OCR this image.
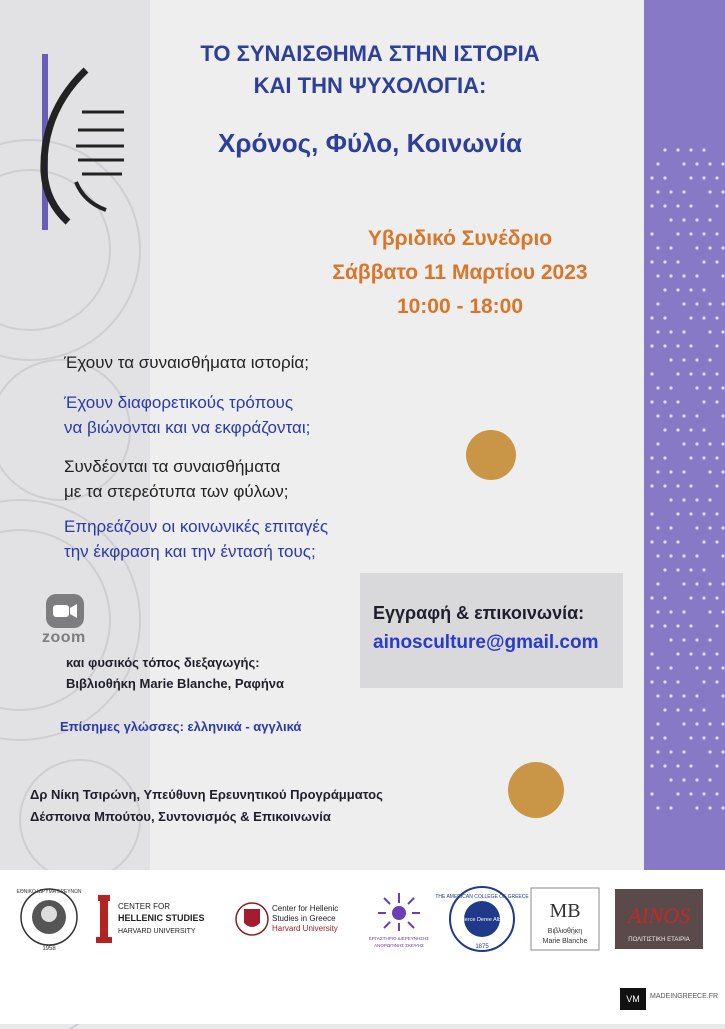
ΤΟ ΣΥΝΑΙΣΘΗΜΑ ΣΤΗΝ ΙΣΤΟΡΙΑ
ΚΑΙ ΤΗΝ ΨΥΧΟΛΟΓΙΑ:
Χρόνος, Φύλο, Κοινωνία
Υβριδικό Συνέδριο
Σάββατο 11 Μαρτίου 2023
10:00 - 18:00
Έχουν τα συναισθήματα ιστορία;
Έχουν διαφορετικούς τρόπους
να βιώνονται και να εκφράζονται;
Συνδέονται τα συναισθήματα
με τα στερεότυπα των φύλων;
Επηρεάζουν οι κοινωνικές επιταγές
την έκφραση και την έντασή τους;
Εγγραφή & επικοινωνία:
ainosculture@gmail.com
zoom
και φυσικός τόπος διεξαγωγής:
Βιβλιοθήκη Marie Blanche, Ραφήνα
Επίσημες γλώσσες: ελληνικά - αγγλικά
Δρ Νίκη Τσιρώνη, Υπεύθυνη Ερευνητικού Προγράμματος
Δέσποινα Μπούτου, Συντονισμός & Επικοινωνία
ΕΘΝΙΚΟ ΙΔΡΥΜΑ ΕΡΕΥΝΩΝ
1958
CENTER FOR
HELLENIC STUDIES
HARVARD UNIVERSITY
Center for Hellenic
Studies in Greece
Harvard University
ΕΡΓΑΣΤΗΡΙΟ ΔΙΕΡΕΥΝΗΣΗΣ
ΑΝΘΡΩΠΙΝΗΣ ΣΚΕΨΗΣ
THE AMERICAN COLLEGE OF GREECE
Pierce Deree Alba
1875
MB
Βιβλιοθήκη
Marie Blanche
AINOS
ΠΟΛΙΤΙΣΤΙΚΗ ΕΤΑΙΡΙΑ
VM	MADEINGREECE.FR
